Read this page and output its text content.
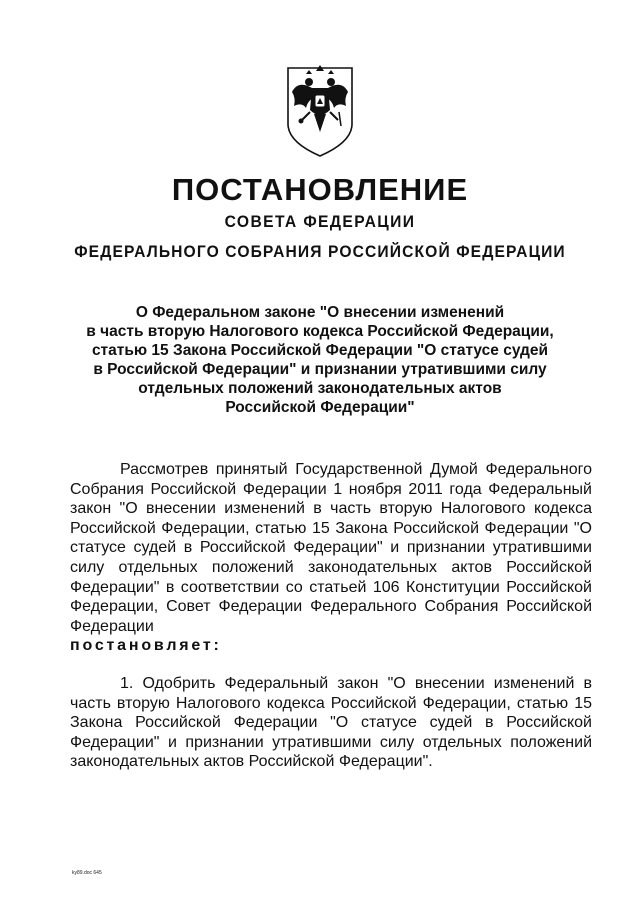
ПОСТАНОВЛЕНИЕ
СОВЕТА ФЕДЕРАЦИИ
ФЕДЕРАЛЬНОГО СОБРАНИЯ РОССИЙСКОЙ ФЕДЕРАЦИИ
О Федеральном законе "О внесении изменений
в часть вторую Налогового кодекса Российской Федерации,
статью 15 Закона Российской Федерации "О статусе судей
в Российской Федерации" и признании утратившими силу
отдельных положений законодательных актов
Российской Федерации"

Рассмотрев принятый Государственной Думой Федерального Собрания Российской Федерации 1 ноября 2011 года Федеральный закон "О внесении изменений в часть вторую Налогового кодекса Российской Федерации, статью 15 Закона Российской Федерации "О статусе судей в Российской Федерации" и признании утратившими силу отдельных положений законодательных актов Российской Федерации" в соответствии со статьей 106 Конституции Российской Федерации, Совет Федерации Федерального Собрания Российской Федерации
постановляет:

1. Одобрить Федеральный закон "О внесении изменений в часть вторую Налогового кодекса Российской Федерации, статью 15 Закона Российской Федерации "О статусе судей в Российской Федерации" и признании утратившими силу отдельных положений законодательных актов Российской Федерации".

ky89.doc 645
